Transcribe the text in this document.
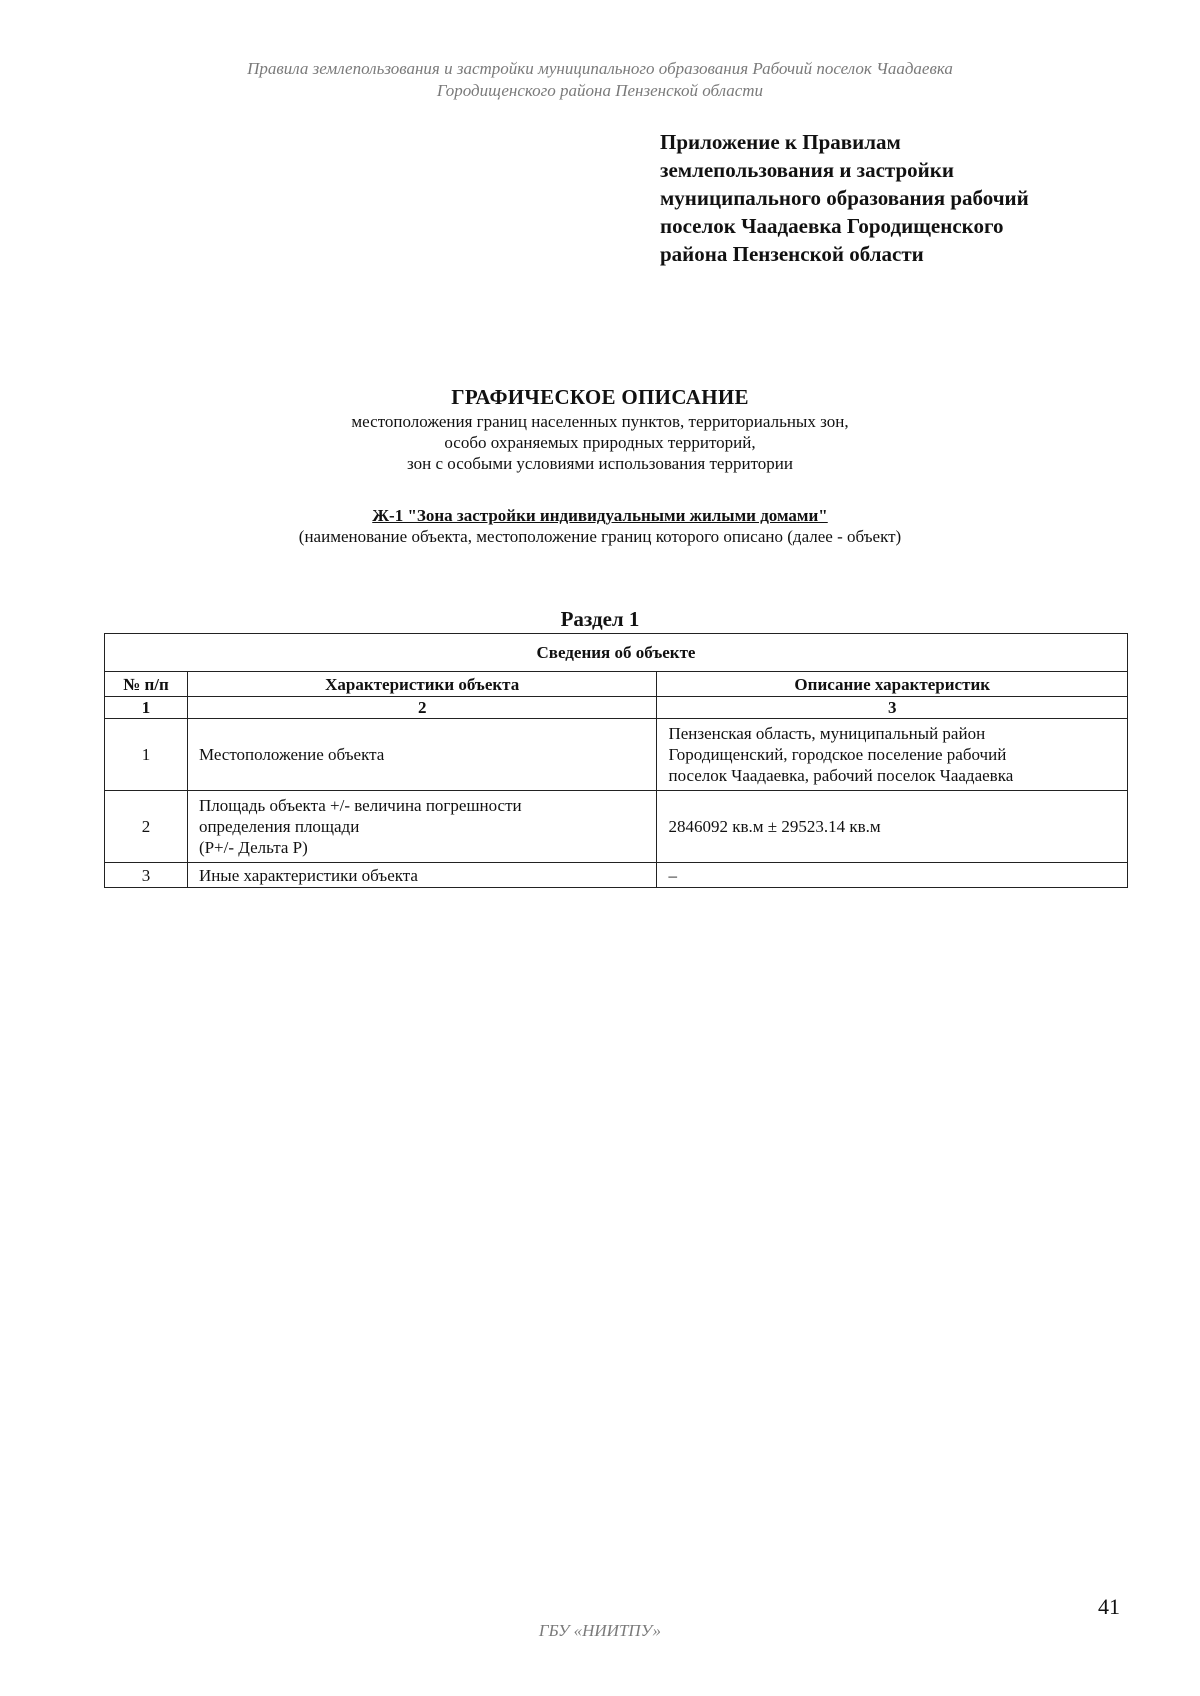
Правила землепользования и застройки муниципального образования Рабочий поселок Чаадаевка
Городищенского района Пензенской области
Приложение к Правилам
землепользования и застройки
муниципального образования рабочий
поселок Чаадаевка Городищенского
района Пензенской области
ГРАФИЧЕСКОЕ ОПИСАНИЕ
местоположения границ населенных пунктов, территориальных зон,
особо охраняемых природных территорий,
зон с особыми условиями использования территории
Ж-1 "Зона застройки индивидуальными жилыми домами"
(наименование объекта, местоположение границ которого описано (далее - объект)
Раздел 1
Сведения об объекте		
№ п/п	Характеристики объекта	Описание характеристик
1	2	3
1	Местоположение объекта	Пензенская область, муниципальный район
Городищенский, городское поселение рабочий
поселок Чаадаевка, рабочий поселок Чаадаевка

2	Площадь объекта +/- величина погрешности
определения площади
(P+/- Дельта P)	2846092 кв.м ± 29523.14 кв.м

3	Иные характеристики объекта	–
41
ГБУ «НИИТПУ»
